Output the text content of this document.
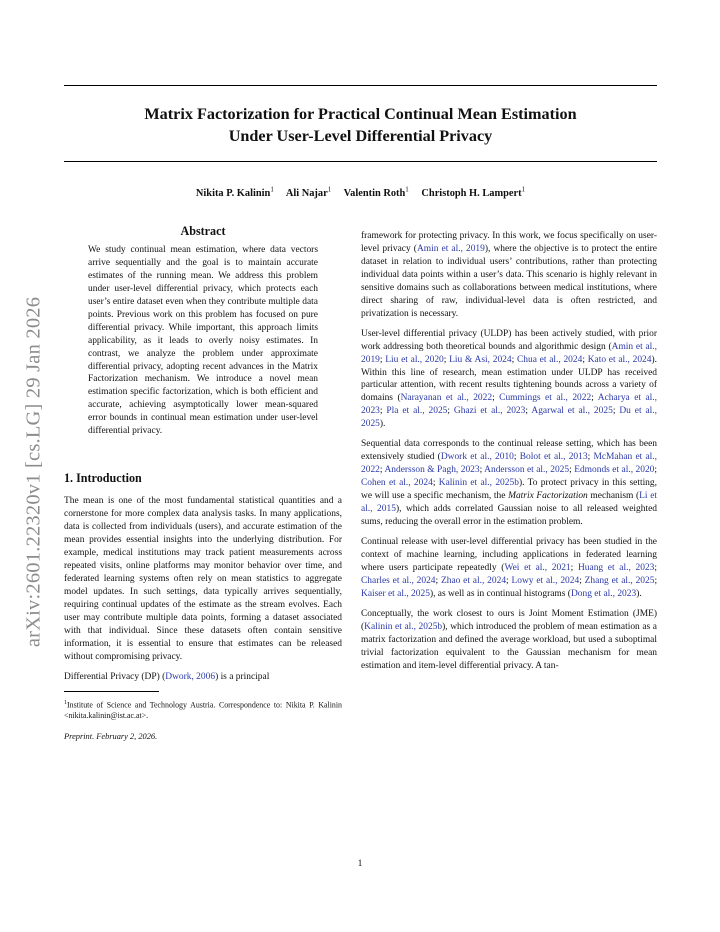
arXiv:2601.22320v1 [cs.LG] 29 Jan 2026
Matrix Factorization for Practical Continual Mean Estimation
Under User-Level Differential Privacy
Nikita P. Kalinin$^1$ Ali Najar$^1$ Valentin Roth$^1$ Christoph H. Lampert$^1$
Abstract

We study continual mean estimation, where data vectors arrive sequentially and the goal is to maintain accurate estimates of the running mean. We address this problem under user-level differential privacy, which protects each user’s entire dataset even when they contribute multiple data points. Previous work on this problem has focused on pure differential privacy. While important, this approach limits applicability, as it leads to overly noisy estimates. In contrast, we analyze the problem under approximate differential privacy, adopting recent advances in the Matrix Factorization mechanism. We introduce a novel mean estimation specific factorization, which is both efficient and accurate, achieving asymptotically lower mean-squared error bounds in continual mean estimation under user-level differential privacy.

1. Introduction

The mean is one of the most fundamental statistical quantities and a cornerstone for more complex data analysis tasks. In many applications, data is collected from individuals (users), and accurate estimation of the mean provides essential insights into the underlying distribution. For example, medical institutions may track patient measurements across repeated visits, online platforms may monitor behavior over time, and federated learning systems often rely on mean statistics to aggregate model updates. In such settings, data typically arrives sequentially, requiring continual updates of the estimate as the stream evolves. Each user may contribute multiple data points, forming a dataset associated with that individual. Since these datasets often contain sensitive information, it is essential to ensure that estimates can be released without compromising privacy.

Differential Privacy (DP) (Dwork, 2006) is a principal

$^1$Institute of Science and Technology Austria. Correspondence to: Nikita P. Kalinin <nikita.kalinin@ist.ac.at>.
Preprint. February 2, 2026.

framework for protecting privacy. In this work, we focus specifically on user-level privacy (Amin et al., 2019), where the objective is to protect the entire dataset in relation to individual users’ contributions, rather than protecting individual data points within a user’s data. This scenario is highly relevant in sensitive domains such as collaborations between medical institutions, where direct sharing of raw, individual-level data is often restricted, and privatization is necessary.

User-level differential privacy (ULDP) has been actively studied, with prior work addressing both theoretical bounds and algorithmic design (Amin et al., 2019; Liu et al., 2020; Liu & Asi, 2024; Chua et al., 2024; Kato et al., 2024). Within this line of research, mean estimation under ULDP has received particular attention, with recent results tightening bounds across a variety of domains (Narayanan et al., 2022; Cummings et al., 2022; Acharya et al., 2023; Pla et al., 2025; Ghazi et al., 2023; Agarwal et al., 2025; Du et al., 2025).

Sequential data corresponds to the continual release setting, which has been extensively studied (Dwork et al., 2010; Bolot et al., 2013; McMahan et al., 2022; Andersson & Pagh, 2023; Andersson et al., 2025; Edmonds et al., 2020; Cohen et al., 2024; Kalinin et al., 2025b). To protect privacy in this setting, we will use a specific mechanism, the Matrix Factorization mechanism (Li et al., 2015), which adds correlated Gaussian noise to all released weighted sums, reducing the overall error in the estimation problem.

Continual release with user-level differential privacy has been studied in the context of machine learning, including applications in federated learning where users participate repeatedly (Wei et al., 2021; Huang et al., 2023; Charles et al., 2024; Zhao et al., 2024; Lowy et al., 2024; Zhang et al., 2025; Kaiser et al., 2025), as well as in continual histograms (Dong et al., 2023).

Conceptually, the work closest to ours is Joint Moment Estimation (JME) (Kalinin et al., 2025b), which introduced the problem of mean estimation as a matrix factorization and defined the average workload, but used a suboptimal trivial factorization equivalent to the Gaussian mechanism for mean estimation and item-level differential privacy. A tan-

1
